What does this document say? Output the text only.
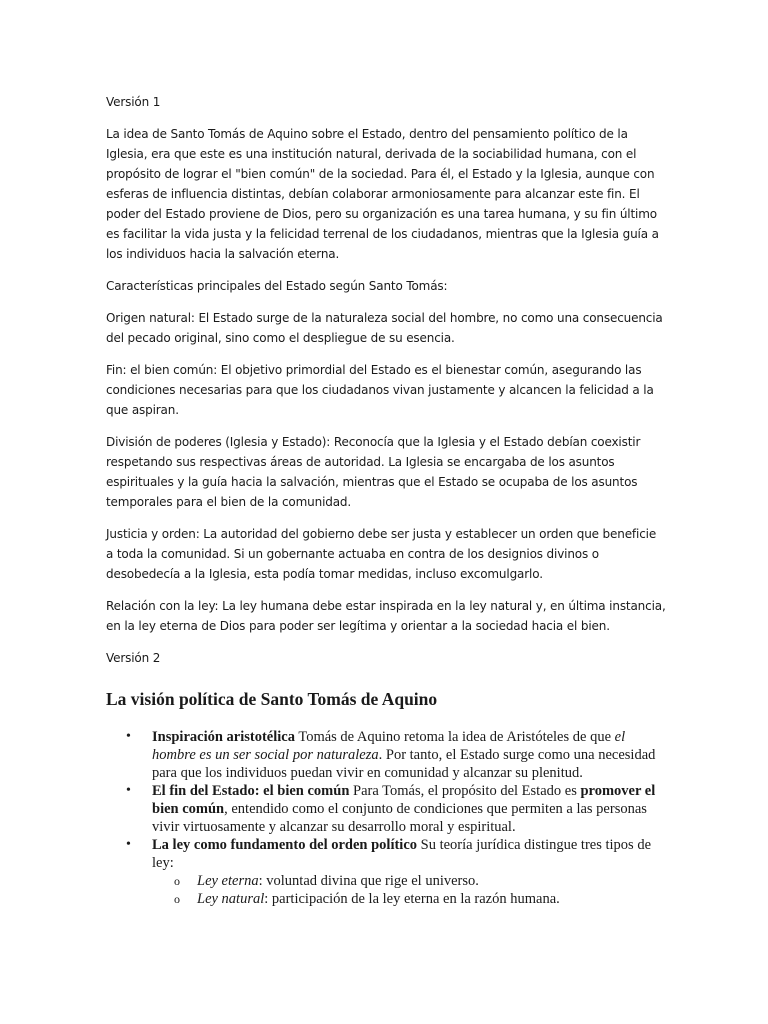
Versión 1

La idea de Santo Tomás de Aquino sobre el Estado, dentro del pensamiento político de la Iglesia, era que este es una institución natural, derivada de la sociabilidad humana, con el propósito de lograr el "bien común" de la sociedad. Para él, el Estado y la Iglesia, aunque con esferas de influencia distintas, debían colaborar armoniosamente para alcanzar este fin. El poder del Estado proviene de Dios, pero su organización es una tarea humana, y su fin último es facilitar la vida justa y la felicidad terrenal de los ciudadanos, mientras que la Iglesia guía a los individuos hacia la salvación eterna.

Características principales del Estado según Santo Tomás:

Origen natural: El Estado surge de la naturaleza social del hombre, no como una consecuencia del pecado original, sino como el despliegue de su esencia.

Fin: el bien común: El objetivo primordial del Estado es el bienestar común, asegurando las condiciones necesarias para que los ciudadanos vivan justamente y alcancen la felicidad a la que aspiran.

División de poderes (Iglesia y Estado): Reconocía que la Iglesia y el Estado debían coexistir respetando sus respectivas áreas de autoridad. La Iglesia se encargaba de los asuntos espirituales y la guía hacia la salvación, mientras que el Estado se ocupaba de los asuntos temporales para el bien de la comunidad.

Justicia y orden: La autoridad del gobierno debe ser justa y establecer un orden que beneficie a toda la comunidad. Si un gobernante actuaba en contra de los designios divinos o desobedecía a la Iglesia, esta podía tomar medidas, incluso excomulgarlo.

Relación con la ley: La ley humana debe estar inspirada en la ley natural y, en última instancia, en la ley eterna de Dios para poder ser legítima y orientar a la sociedad hacia el bien.

Versión 2

La visión política de Santo Tomás de Aquino
• Inspiración aristotélica Tomás de Aquino retoma la idea de Aristóteles de que el hombre es un ser social por naturaleza. Por tanto, el Estado surge como una necesidad para que los individuos puedan vivir en comunidad y alcanzar su plenitud.
• El fin del Estado: el bien común Para Tomás, el propósito del Estado es promover el bien común, entendido como el conjunto de condiciones que permiten a las personas vivir virtuosamente y alcanzar su desarrollo moral y espiritual.
• La ley como fundamento del orden político Su teoría jurídica distingue tres tipos de ley:
o Ley eterna: voluntad divina que rige el universo.
o Ley natural: participación de la ley eterna en la razón humana.
